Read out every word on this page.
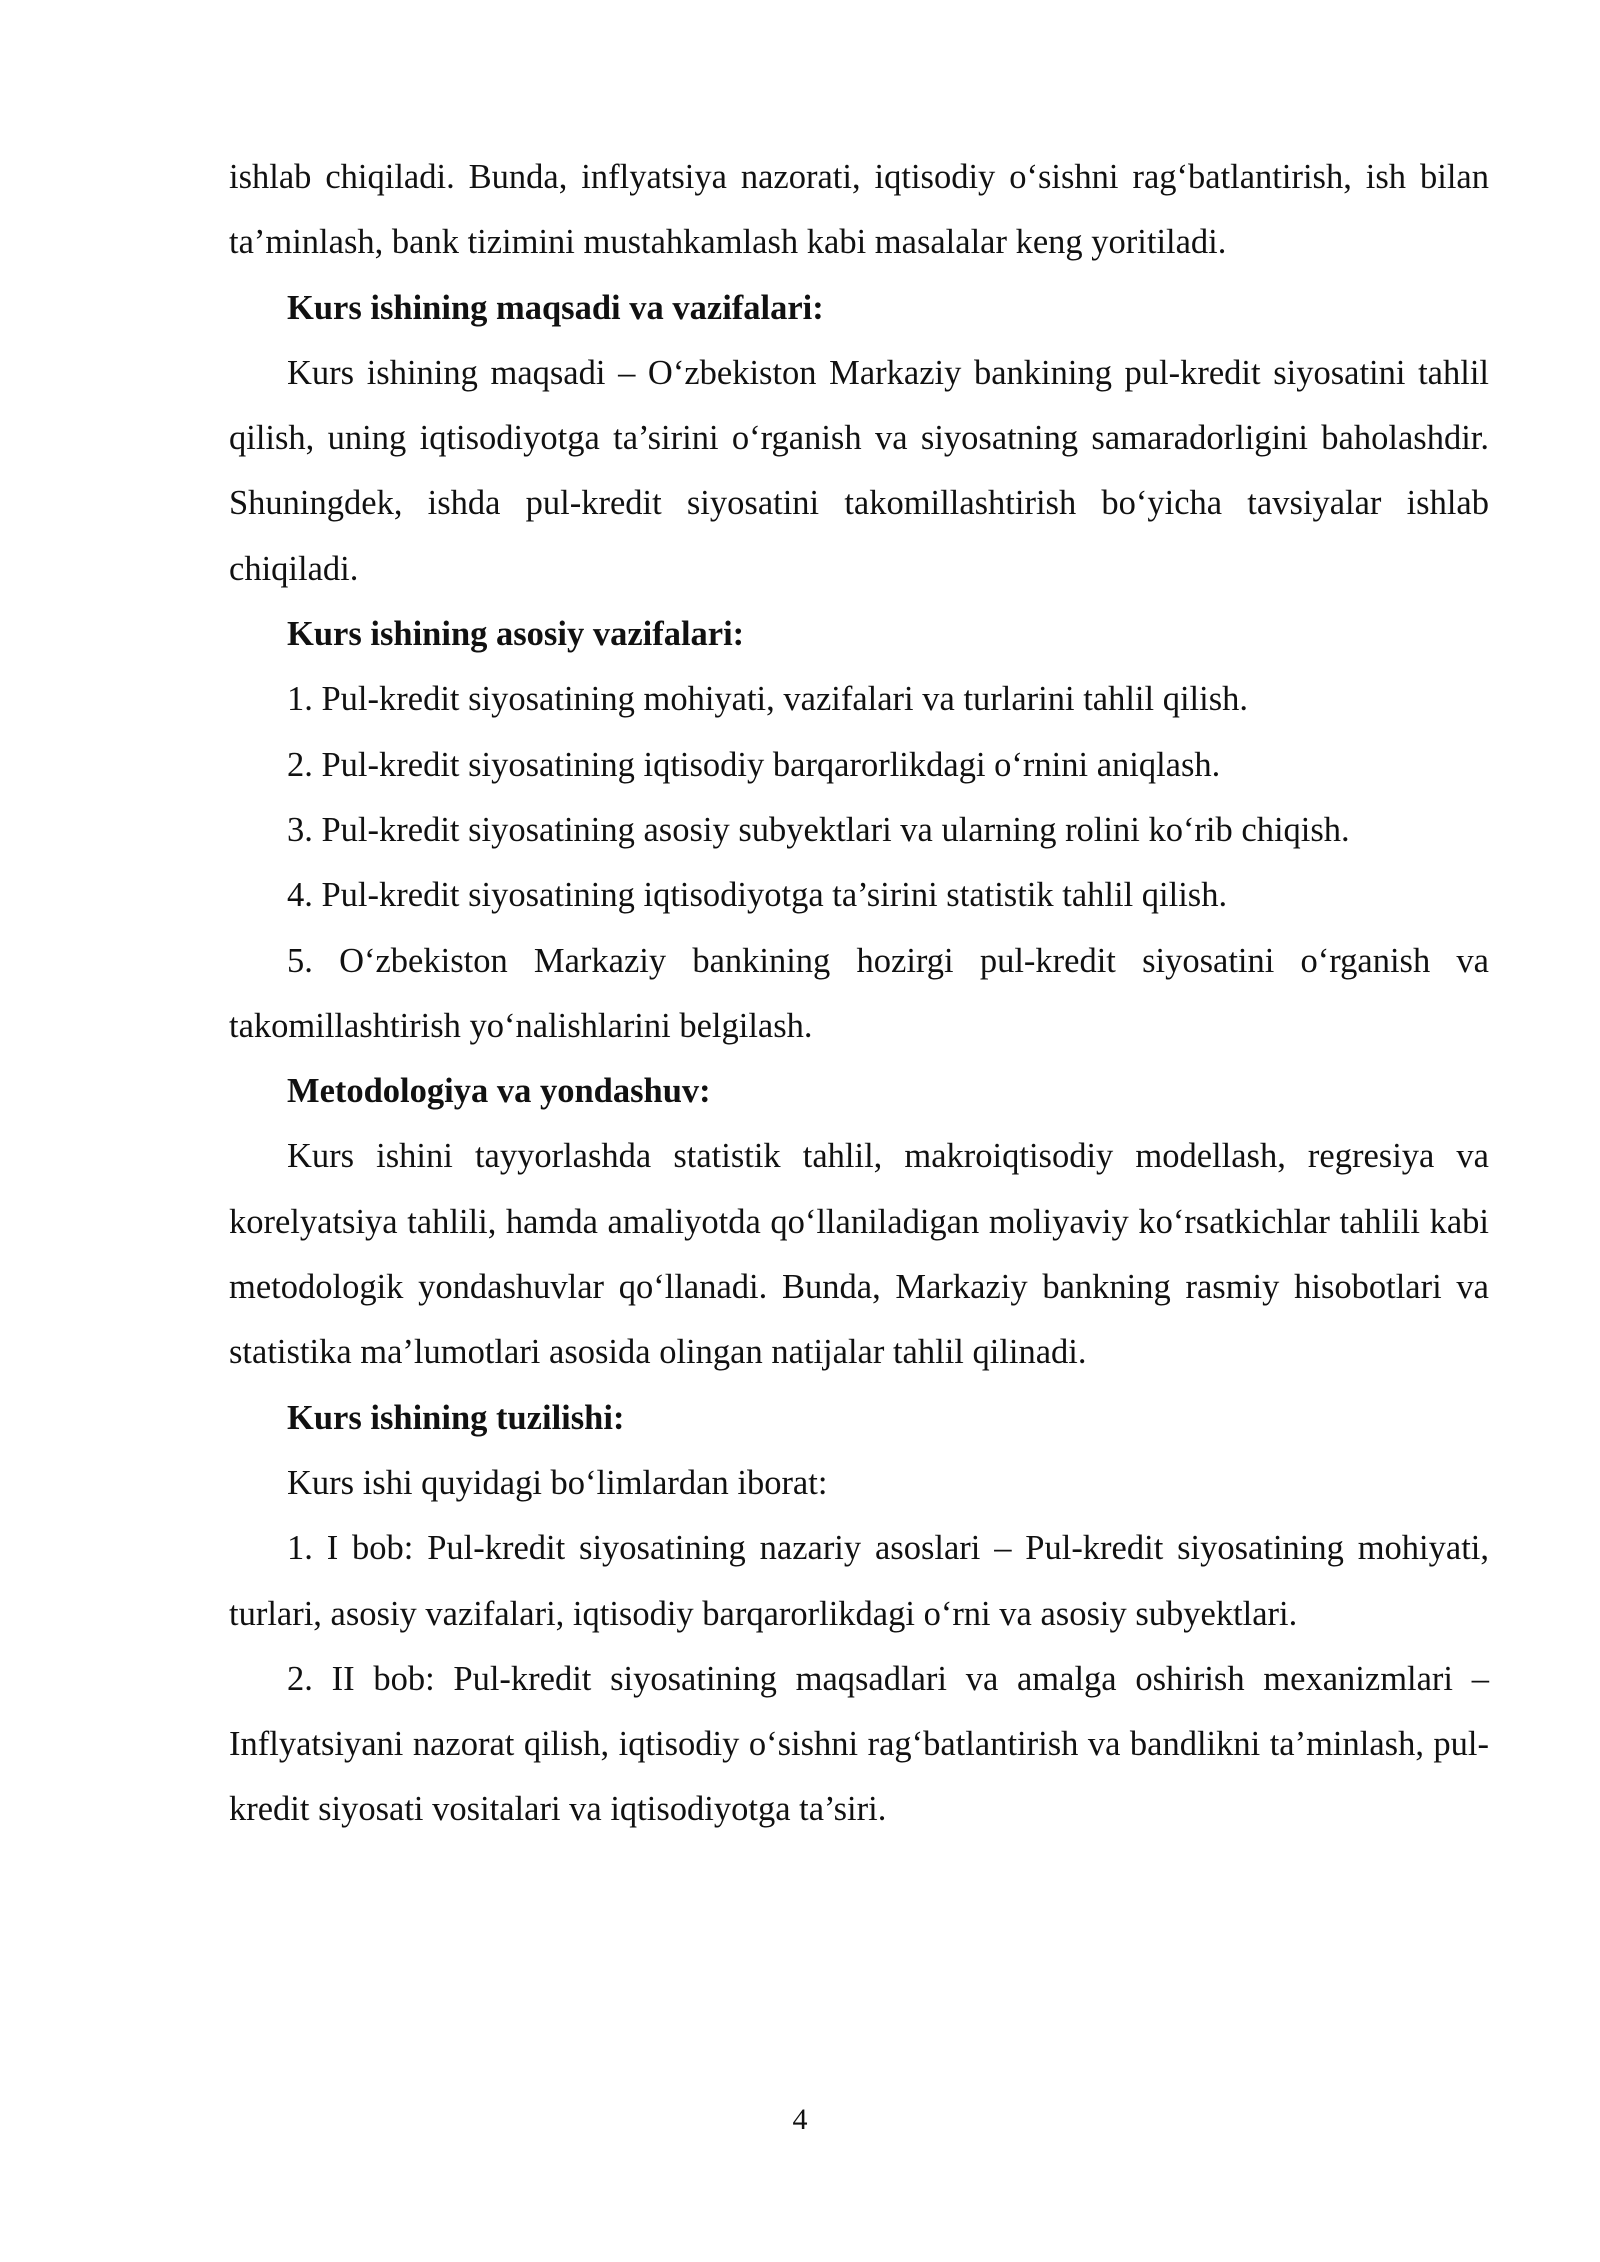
ishlab chiqiladi. Bunda, inflyatsiya nazorati, iqtisodiy o‘sishni rag‘batlantirish, ish bilan ta’minlash, bank tizimini mustahkamlash kabi masalalar keng yoritiladi.

Kurs ishining maqsadi va vazifalari:

Kurs ishining maqsadi – O‘zbekiston Markaziy bankining pul-kredit siyosatini tahlil qilish, uning iqtisodiyotga ta’sirini o‘rganish va siyosatning samaradorligini baholashdir. Shuningdek, ishda pul-kredit siyosatini takomillashtirish bo‘yicha tavsiyalar ishlab chiqiladi.

Kurs ishining asosiy vazifalari:

1. Pul-kredit siyosatining mohiyati, vazifalari va turlarini tahlil qilish.

2. Pul-kredit siyosatining iqtisodiy barqarorlikdagi o‘rnini aniqlash.

3. Pul-kredit siyosatining asosiy subyektlari va ularning rolini ko‘rib chiqish.

4. Pul-kredit siyosatining iqtisodiyotga ta’sirini statistik tahlil qilish.

5. O‘zbekiston Markaziy bankining hozirgi pul-kredit siyosatini o‘rganish va takomillashtirish yo‘nalishlarini belgilash.

Metodologiya va yondashuv:

Kurs ishini tayyorlashda statistik tahlil, makroiqtisodiy modellash, regresiya va korelyatsiya tahlili, hamda amaliyotda qo‘llaniladigan moliyaviy ko‘rsatkichlar tahlili kabi metodologik yondashuvlar qo‘llanadi. Bunda, Markaziy bankning rasmiy hisobotlari va statistika ma’lumotlari asosida olingan natijalar tahlil qilinadi.

Kurs ishining tuzilishi:

Kurs ishi quyidagi bo‘limlardan iborat:

1. I bob: Pul-kredit siyosatining nazariy asoslari – Pul-kredit siyosatining mohiyati, turlari, asosiy vazifalari, iqtisodiy barqarorlikdagi o‘rni va asosiy subyektlari.

2. II bob: Pul-kredit siyosatining maqsadlari va amalga oshirish mexanizmlari – Inflyatsiyani nazorat qilish, iqtisodiy o‘sishni rag‘batlantirish va bandlikni ta’minlash, pul-kredit siyosati vositalari va iqtisodiyotga ta’siri.

4
